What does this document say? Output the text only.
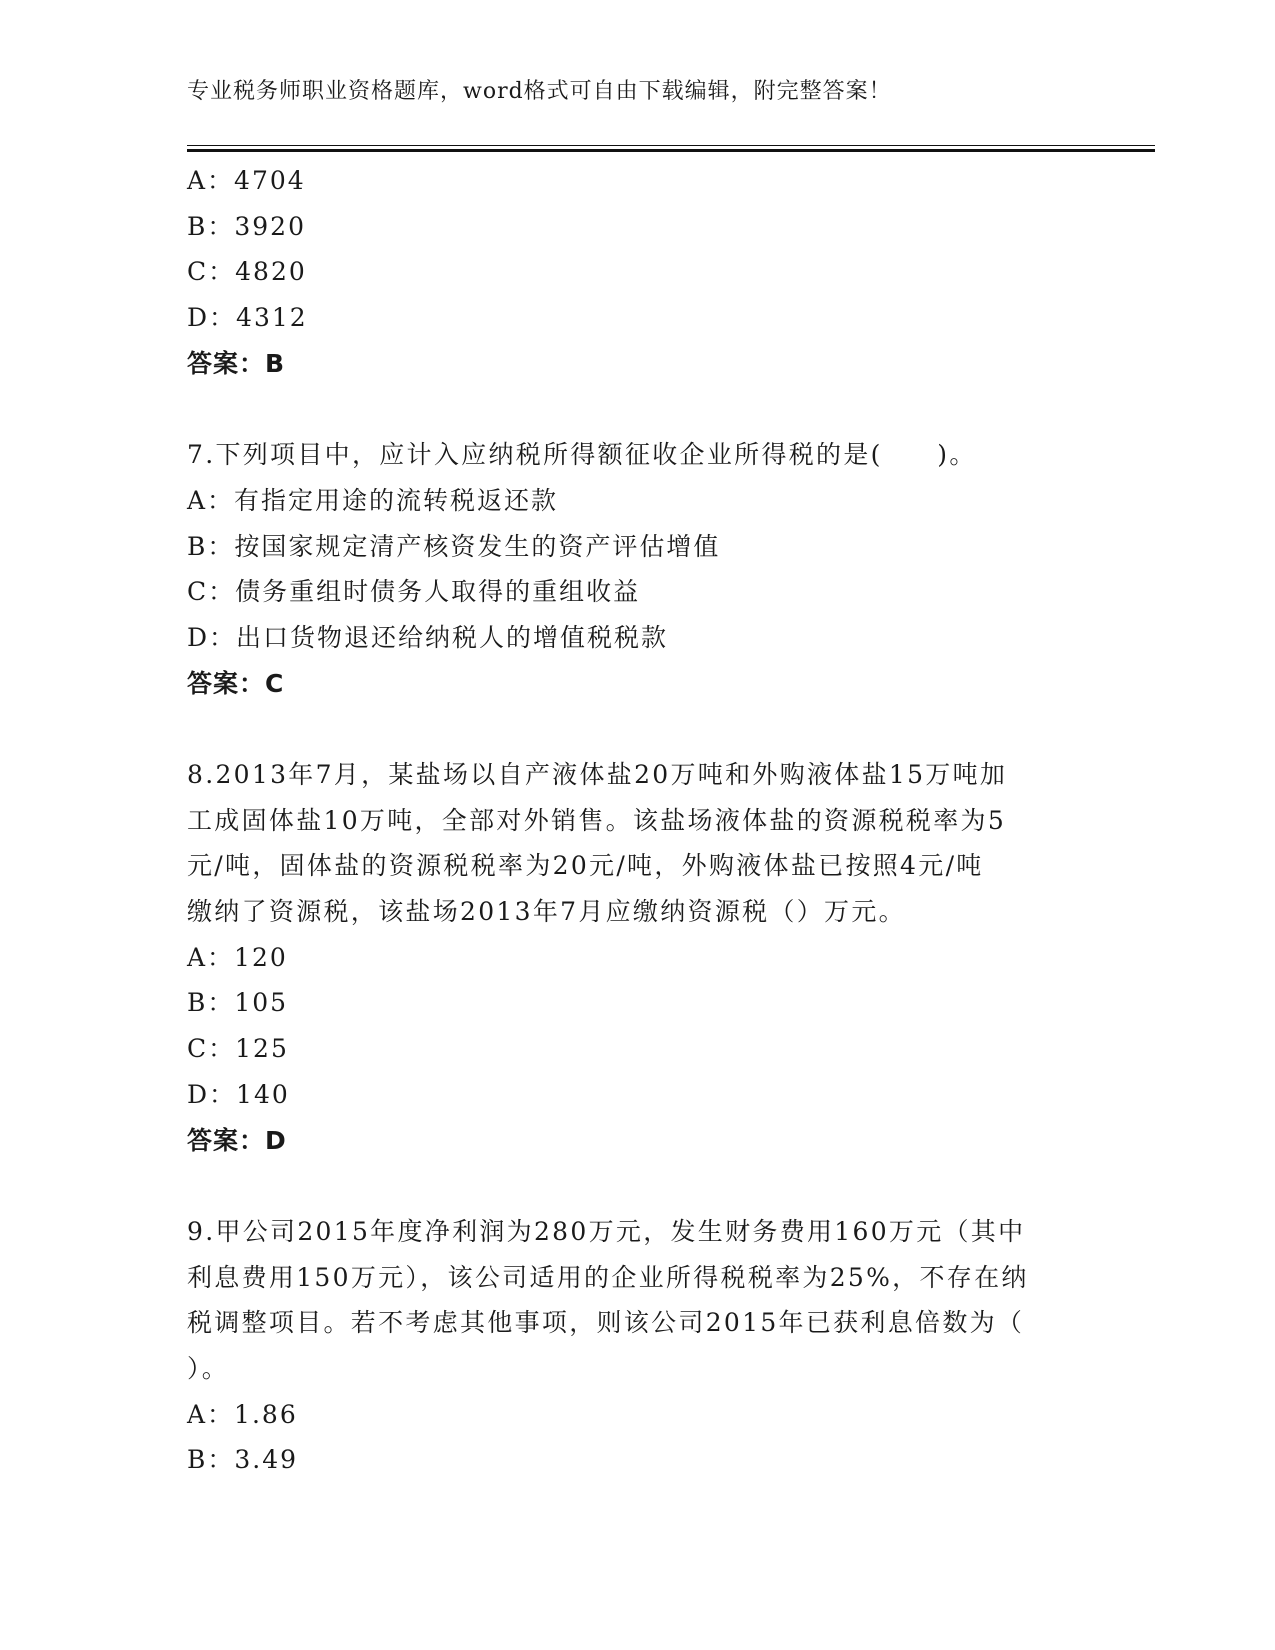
专业税务师职业资格题库，word格式可自由下载编辑，附完整答案！
A：4704
B：3920
C：4820
D：4312
答案：B
7.下列项目中，应计入应纳税所得额征收企业所得税的是(　　)。
A：有指定用途的流转税返还款
B：按国家规定清产核资发生的资产评估增值
C：债务重组时债务人取得的重组收益
D：出口货物退还给纳税人的增值税税款
答案：C
8.2013年7月，某盐场以自产液体盐20万吨和外购液体盐15万吨加
工成固体盐10万吨，全部对外销售。该盐场液体盐的资源税税率为5
元/吨，固体盐的资源税税率为20元/吨，外购液体盐已按照4元/吨
缴纳了资源税，该盐场2013年7月应缴纳资源税（）万元。
A：120
B：105
C：125
D：140
答案：D
9.甲公司2015年度净利润为280万元，发生财务费用160万元（其中
利息费用150万元），该公司适用的企业所得税税率为25%，不存在纳
税调整项目。若不考虑其他事项，则该公司2015年已获利息倍数为（
）。
A：1.86
B：3.49
